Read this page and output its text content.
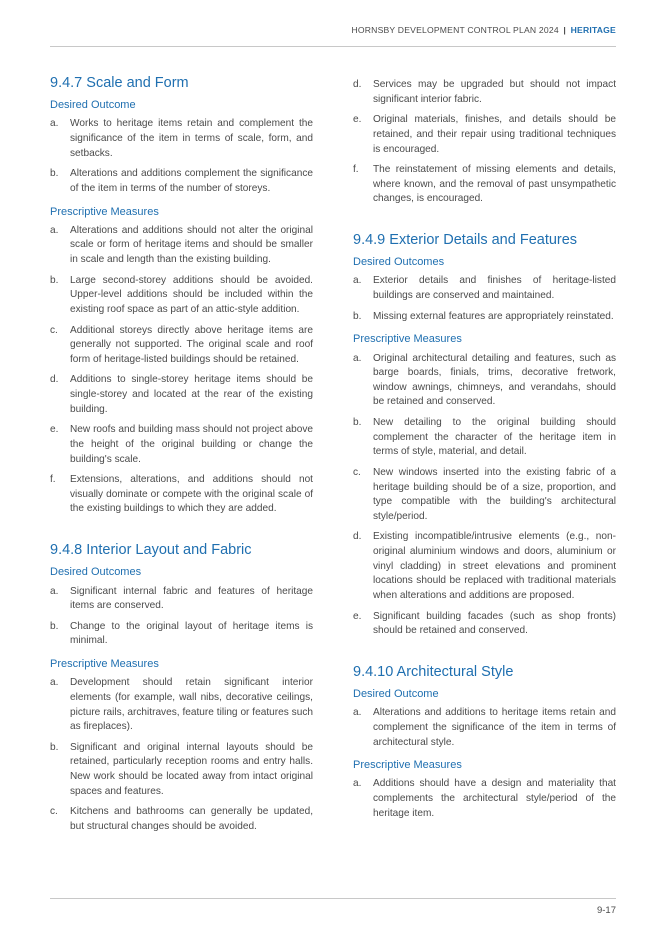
HORNSBY DEVELOPMENT CONTROL PLAN 2024 | HERITAGE
9.4.7 Scale and Form
Desired Outcome
a.	Works to heritage items retain and complement the significance of the item in terms of scale, form, and setbacks.
b.	Alterations and additions complement the significance of the item in terms of the number of storeys.
Prescriptive Measures
a.	Alterations and additions should not alter the original scale or form of heritage items and should be smaller in scale and length than the existing building.
b.	Large second-storey additions should be avoided. Upper-level additions should be included within the existing roof space as part of an attic-style addition.
c.	Additional storeys directly above heritage items are generally not supported. The original scale and roof form of heritage-listed buildings should be retained.
d.	Additions to single-storey heritage items should be single-storey and located at the rear of the existing building.
e.	New roofs and building mass should not project above the height of the original building or change the building's scale.
f.	Extensions, alterations, and additions should not visually dominate or compete with the original scale of the existing buildings to which they are added.
9.4.8 Interior Layout and Fabric
Desired Outcomes
a.	Significant internal fabric and features of heritage items are conserved.
b.	Change to the original layout of heritage items is minimal.
Prescriptive Measures
a.	Development should retain significant interior elements (for example, wall nibs, decorative ceilings, picture rails, architraves, feature tiling or features such as fireplaces).
b.	Significant and original internal layouts should be retained, particularly reception rooms and entry halls. New work should be located away from intact original spaces and features.
c.	Kitchens and bathrooms can generally be updated, but structural changes should be avoided.
d.	Services may be upgraded but should not impact significant interior fabric.
e.	Original materials, finishes, and details should be retained, and their repair using traditional techniques is encouraged.
f.	The reinstatement of missing elements and details, where known, and the removal of past unsympathetic changes, is encouraged.
9.4.9 Exterior Details and Features
Desired Outcomes
a.	Exterior details and finishes of heritage-listed buildings are conserved and maintained.
b.	Missing external features are appropriately reinstated.
Prescriptive Measures
a.	Original architectural detailing and features, such as barge boards, finials, trims, decorative fretwork, window awnings, chimneys, and verandahs, should be retained and conserved.
b.	New detailing to the original building should complement the character of the heritage item in terms of style, material, and detail.
c.	New windows inserted into the existing fabric of a heritage building should be of a size, proportion, and type compatible with the building's architectural style/period.
d.	Existing incompatible/intrusive elements (e.g., non-original aluminium windows and doors, aluminium or vinyl cladding) in street elevations and prominent locations should be replaced with traditional materials when alterations and additions are proposed.
e.	Significant building facades (such as shop fronts) should be retained and conserved.
9.4.10 Architectural Style
Desired Outcome
a.	Alterations and additions to heritage items retain and complement the significance of the item in terms of architectural style.
Prescriptive Measures
a.	Additions should have a design and materiality that complements the architectural style/period of the heritage item.
9-17
